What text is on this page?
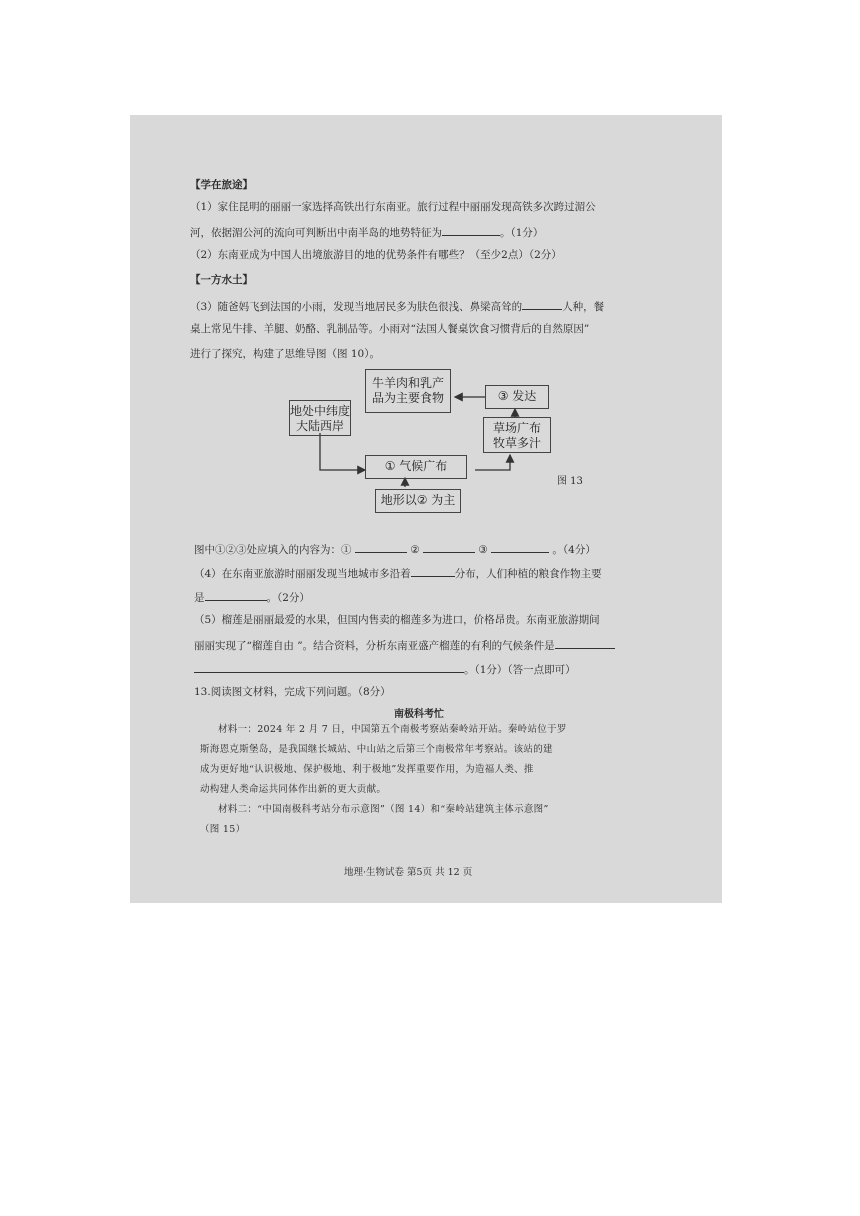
【学在旅途】
（1）家住昆明的丽丽一家选择高铁出行东南亚。旅行过程中丽丽发现高铁多次跨过湄公
河，依据湄公河的流向可判断出中南半岛的地势特征为	。（1分）
（2）东南亚成为中国人出境旅游目的地的优势条件有哪些？（至少2点）（2分）
【一方水土】
（3）随爸妈飞到法国的小雨，发现当地居民多为肤色很浅、鼻梁高耸的	人种，餐
桌上常见牛排、羊腿、奶酪、乳制品等。小雨对“法国人餐桌饮食习惯背后的自然原因”
进行了探究，构建了思维导图（图 10）。
牛羊肉和乳产
品为主要食物
地处中纬度
大陆西岸
③ 发达
草场广布
牧草多汁
① 气候广布
地形以② 为主
图 13
图中①②③处应填入的内容为：①	②	③	。（4分）
（4）在东南亚旅游时丽丽发现当地城市多沿着	分布，人们种植的粮食作物主要
是	。（2分）
（5）榴莲是丽丽最爱的水果，但国内售卖的榴莲多为进口，价格昂贵。东南亚旅游期间
丽丽实现了“榴莲自由 ”。结合资料，分析东南亚盛产榴莲的有利的气候条件是
。（1分）（答一点即可）
13.阅读图文材料，完成下列问题。（8分）
南极科考忙
材料一：2024 年 2 月 7 日，中国第五个南极考察站秦岭站开站。秦岭站位于罗
斯海恩克斯堡岛，是我国继长城站、中山站之后第三个南极常年考察站。该站的建
成为更好地“认识极地、保护极地、利于极地”发挥重要作用，为造福人类、推
动构建人类命运共同体作出新的更大贡献。
材料二：“中国南极科考站分布示意图”（图 14）和“秦岭站建筑主体示意图”
（图 15）
地理·生物试卷 第5页 共 12 页
